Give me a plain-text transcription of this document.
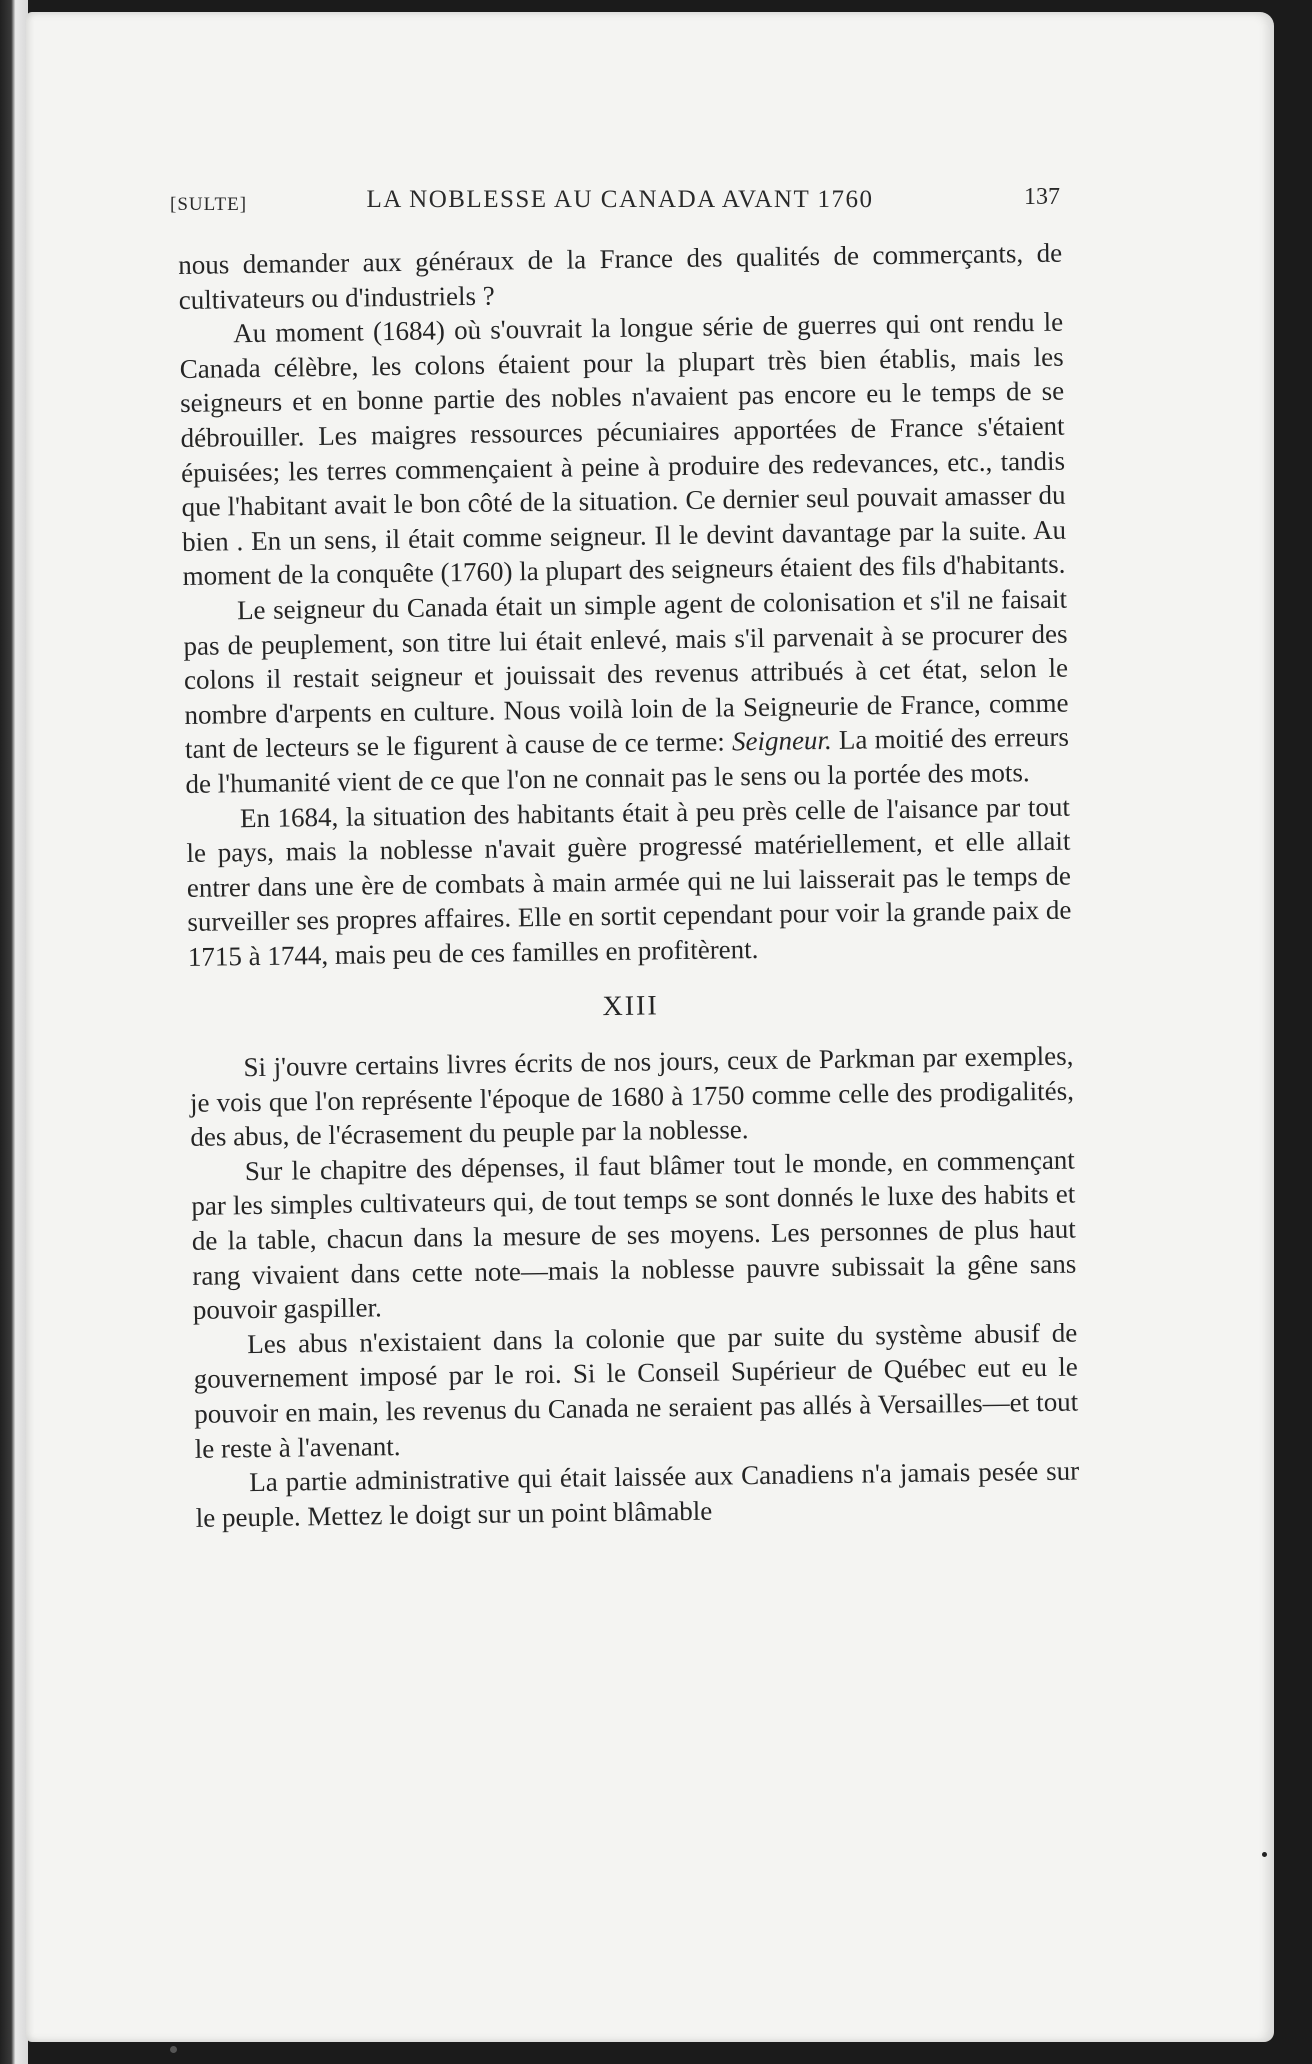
[SULTE]	LA NOBLESSE AU CANADA AVANT 1760	137

nous demander aux généraux de la France des qualités de commerçants, de cultivateurs ou d'industriels ?

Au moment (1684) où s'ouvrait la longue série de guerres qui ont rendu le Canada célèbre, les colons étaient pour la plupart très bien établis, mais les seigneurs et en bonne partie des nobles n'avaient pas encore eu le temps de se débrouiller. Les maigres ressources pécuniaires apportées de France s'étaient épuisées; les terres commençaient à peine à produire des redevances, etc., tandis que l'habitant avait le bon côté de la situation. Ce dernier seul pouvait amasser du bien . En un sens, il était comme seigneur. Il le devint davantage par la suite. Au moment de la conquête (1760) la plupart des seigneurs étaient des fils d'habitants.

Le seigneur du Canada était un simple agent de colonisation et s'il ne faisait pas de peuplement, son titre lui était enlevé, mais s'il parvenait à se procurer des colons il restait seigneur et jouissait des revenus attribués à cet état, selon le nombre d'arpents en culture. Nous voilà loin de la Seigneurie de France, comme tant de lecteurs se le figurent à cause de ce terme: Seigneur. La moitié des erreurs de l'humanité vient de ce que l'on ne connait pas le sens ou la portée des mots.

En 1684, la situation des habitants était à peu près celle de l'aisance par tout le pays, mais la noblesse n'avait guère progressé matériellement, et elle allait entrer dans une ère de combats à main armée qui ne lui laisserait pas le temps de surveiller ses propres affaires. Elle en sortit cependant pour voir la grande paix de 1715 à 1744, mais peu de ces familles en profitèrent.

XIII

Si j'ouvre certains livres écrits de nos jours, ceux de Parkman par exemples, je vois que l'on représente l'époque de 1680 à 1750 comme celle des prodigalités, des abus, de l'écrasement du peuple par la noblesse.

Sur le chapitre des dépenses, il faut blâmer tout le monde, en commençant par les simples cultivateurs qui, de tout temps se sont donnés le luxe des habits et de la table, chacun dans la mesure de ses moyens. Les personnes de plus haut rang vivaient dans cette note—mais la noblesse pauvre subissait la gêne sans pouvoir gaspiller.

Les abus n'existaient dans la colonie que par suite du système abusif de gouvernement imposé par le roi. Si le Conseil Supérieur de Québec eut eu le pouvoir en main, les revenus du Canada ne seraient pas allés à Versailles—et tout le reste à l'avenant.

La partie administrative qui était laissée aux Canadiens n'a jamais pesée sur le peuple. Mettez le doigt sur un point blâmable
